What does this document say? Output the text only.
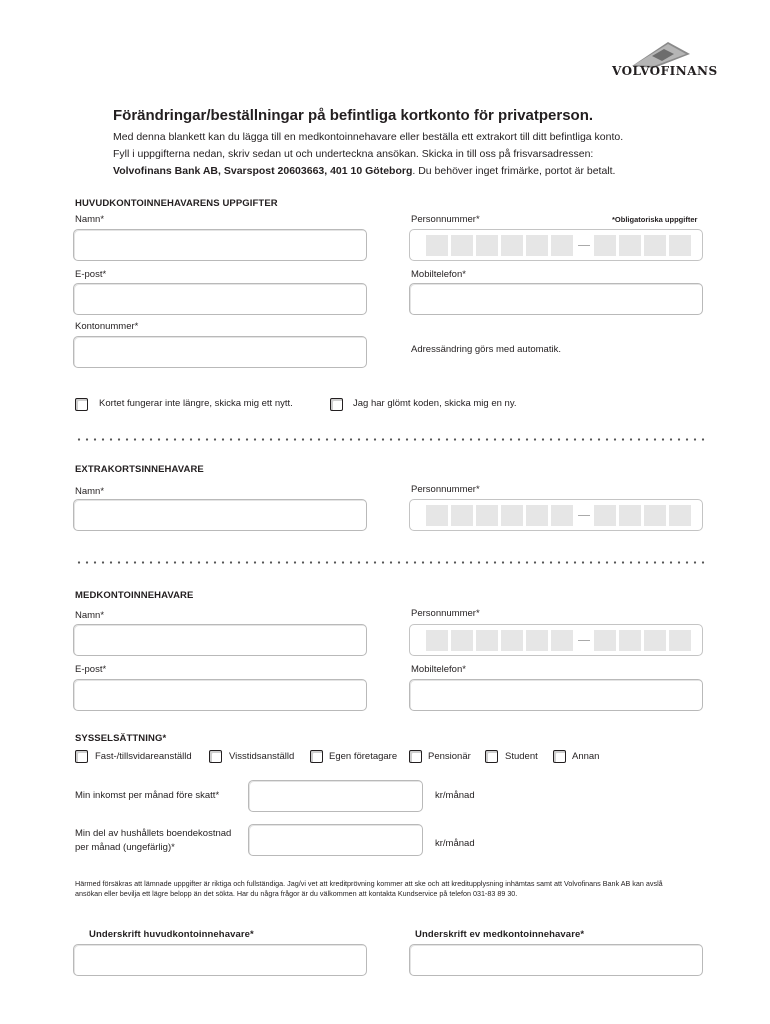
VOLVOFINANS
Förändringar/beställningar på befintliga kortkonto för privatperson.

Med denna blankett kan du lägga till en medkontoinnehavare eller beställa ett extrakort till ditt befintliga konto.
Fyll i uppgifterna nedan, skriv sedan ut och underteckna ansökan. Skicka in till oss på frisvarsadressen:
Volvofinans Bank AB, Svarspost 20603663, 401 10 Göteborg. Du behöver inget frimärke, portot är betalt.

HUVUDKONTOINNEHAVARENS UPPGIFTER
Namn*	Personnummer*	*Obligatoriska uppgifter
E-post*	Mobiltelefon*
Kontonummer*
Adressändring görs med automatik.
Kortet fungerar inte längre, skicka mig ett nytt.	Jag har glömt koden, skicka mig en ny.
EXTRAKORTSINNEHAVARE
Namn*	Personnummer*
MEDKONTOINNEHAVARE
Namn*	Personnummer*
E-post*	Mobiltelefon*
SYSSELSÄTTNING*
Fast-/tillsvidareanställd	Visstidsanställd	Egen företagare	Pensionär	Student	Annan
Min inkomst per månad före skatt*	kr/månad
Min del av hushållets boendekostnad
per månad (ungefärlig)*	kr/månad

Härmed försäkras att lämnade uppgifter är riktiga och fullständiga. Jag/vi vet att kreditprövning kommer att ske och att kreditupplysning inhämtas samt att Volvofinans Bank AB kan avslå ansökan eller bevilja ett lägre belopp än det sökta. Har du några frågor är du välkommen att kontakta Kundservice på telefon 031-83 89 30.

Underskrift huvudkontoinnehavare*	Underskrift ev medkontoinnehavare*
